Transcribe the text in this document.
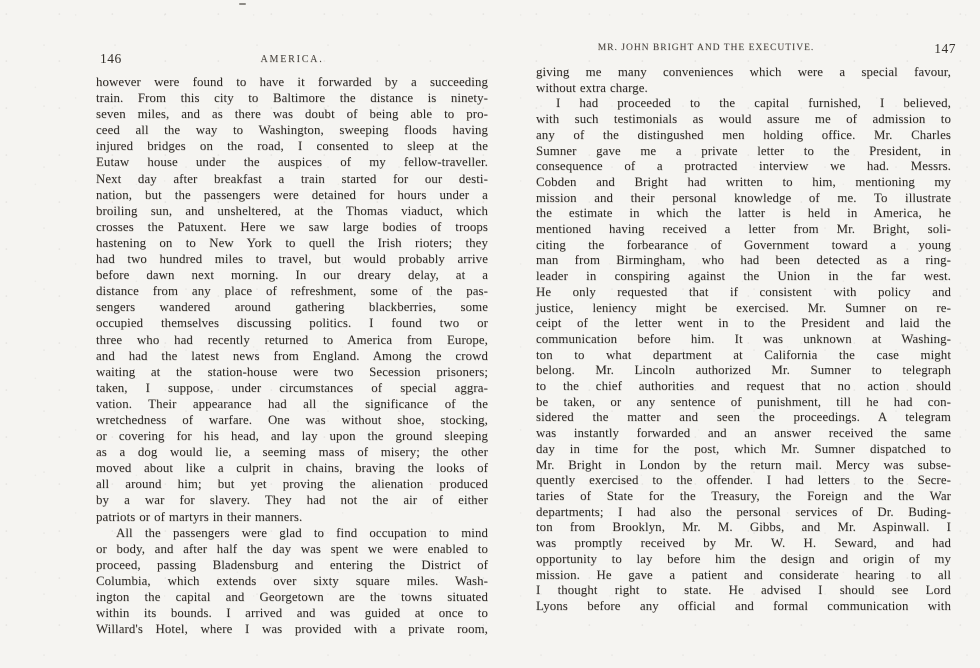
146	AMERICA.
however were found to have it forwarded by a succeeding
train. From this city to Baltimore the distance is ninety-
seven miles, and as there was doubt of being able to pro-
ceed all the way to Washington, sweeping floods having
injured bridges on the road, I consented to sleep at the
Eutaw house under the auspices of my fellow-traveller.
Next day after breakfast a train started for our desti-
nation, but the passengers were detained for hours under a
broiling sun, and unsheltered, at the Thomas viaduct, which
crosses the Patuxent. Here we saw large bodies of troops
hastening on to New York to quell the Irish rioters; they
had two hundred miles to travel, but would probably arrive
before dawn next morning. In our dreary delay, at a
distance from any place of refreshment, some of the pas-
sengers wandered around gathering blackberries, some
occupied themselves discussing politics. I found two or
three who had recently returned to America from Europe,
and had the latest news from England. Among the crowd
waiting at the station-house were two Secession prisoners;
taken, I suppose, under circumstances of special aggra-
vation. Their appearance had all the significance of the
wretchedness of warfare. One was without shoe, stocking,
or covering for his head, and lay upon the ground sleeping
as a dog would lie, a seeming mass of misery; the other
moved about like a culprit in chains, braving the looks of
all around him; but yet proving the alienation produced
by a war for slavery. They had not the air of either
patriots or of martyrs in their manners.
All the passengers were glad to find occupation to mind
or body, and after half the day was spent we were enabled to
proceed, passing Bladensburg and entering the District of
Columbia, which extends over sixty square miles. Wash-
ington the capital and Georgetown are the towns situated
within its bounds. I arrived and was guided at once to
Willard's Hotel, where I was provided with a private room,
MR. JOHN BRIGHT AND THE EXECUTIVE.	147
giving me many conveniences which were a special favour,
without extra charge.
I had proceeded to the capital furnished, I believed,
with such testimonials as would assure me of admission to
any of the distingushed men holding office. Mr. Charles
Sumner gave me a private letter to the President, in
consequence of a protracted interview we had. Messrs.
Cobden and Bright had written to him, mentioning my
mission and their personal knowledge of me. To illustrate
the estimate in which the latter is held in America, he
mentioned having received a letter from Mr. Bright, soli-
citing the forbearance of Government toward a young
man from Birmingham, who had been detected as a ring-
leader in conspiring against the Union in the far west.
He only requested that if consistent with policy and
justice, leniency might be exercised. Mr. Sumner on re-
ceipt of the letter went in to the President and laid the
communication before him. It was unknown at Washing-
ton to what department at California the case might
belong. Mr. Lincoln authorized Mr. Sumner to telegraph
to the chief authorities and request that no action should
be taken, or any sentence of punishment, till he had con-
sidered the matter and seen the proceedings. A telegram
was instantly forwarded and an answer received the same
day in time for the post, which Mr. Sumner dispatched to
Mr. Bright in London by the return mail. Mercy was subse-
quently exercised to the offender. I had letters to the Secre-
taries of State for the Treasury, the Foreign and the War
departments; I had also the personal services of Dr. Buding-
ton from Brooklyn, Mr. M. Gibbs, and Mr. Aspinwall. I
was promptly received by Mr. W. H. Seward, and had
opportunity to lay before him the design and origin of my
mission. He gave a patient and considerate hearing to all
I thought right to state. He advised I should see Lord
Lyons before any official and formal communication with
